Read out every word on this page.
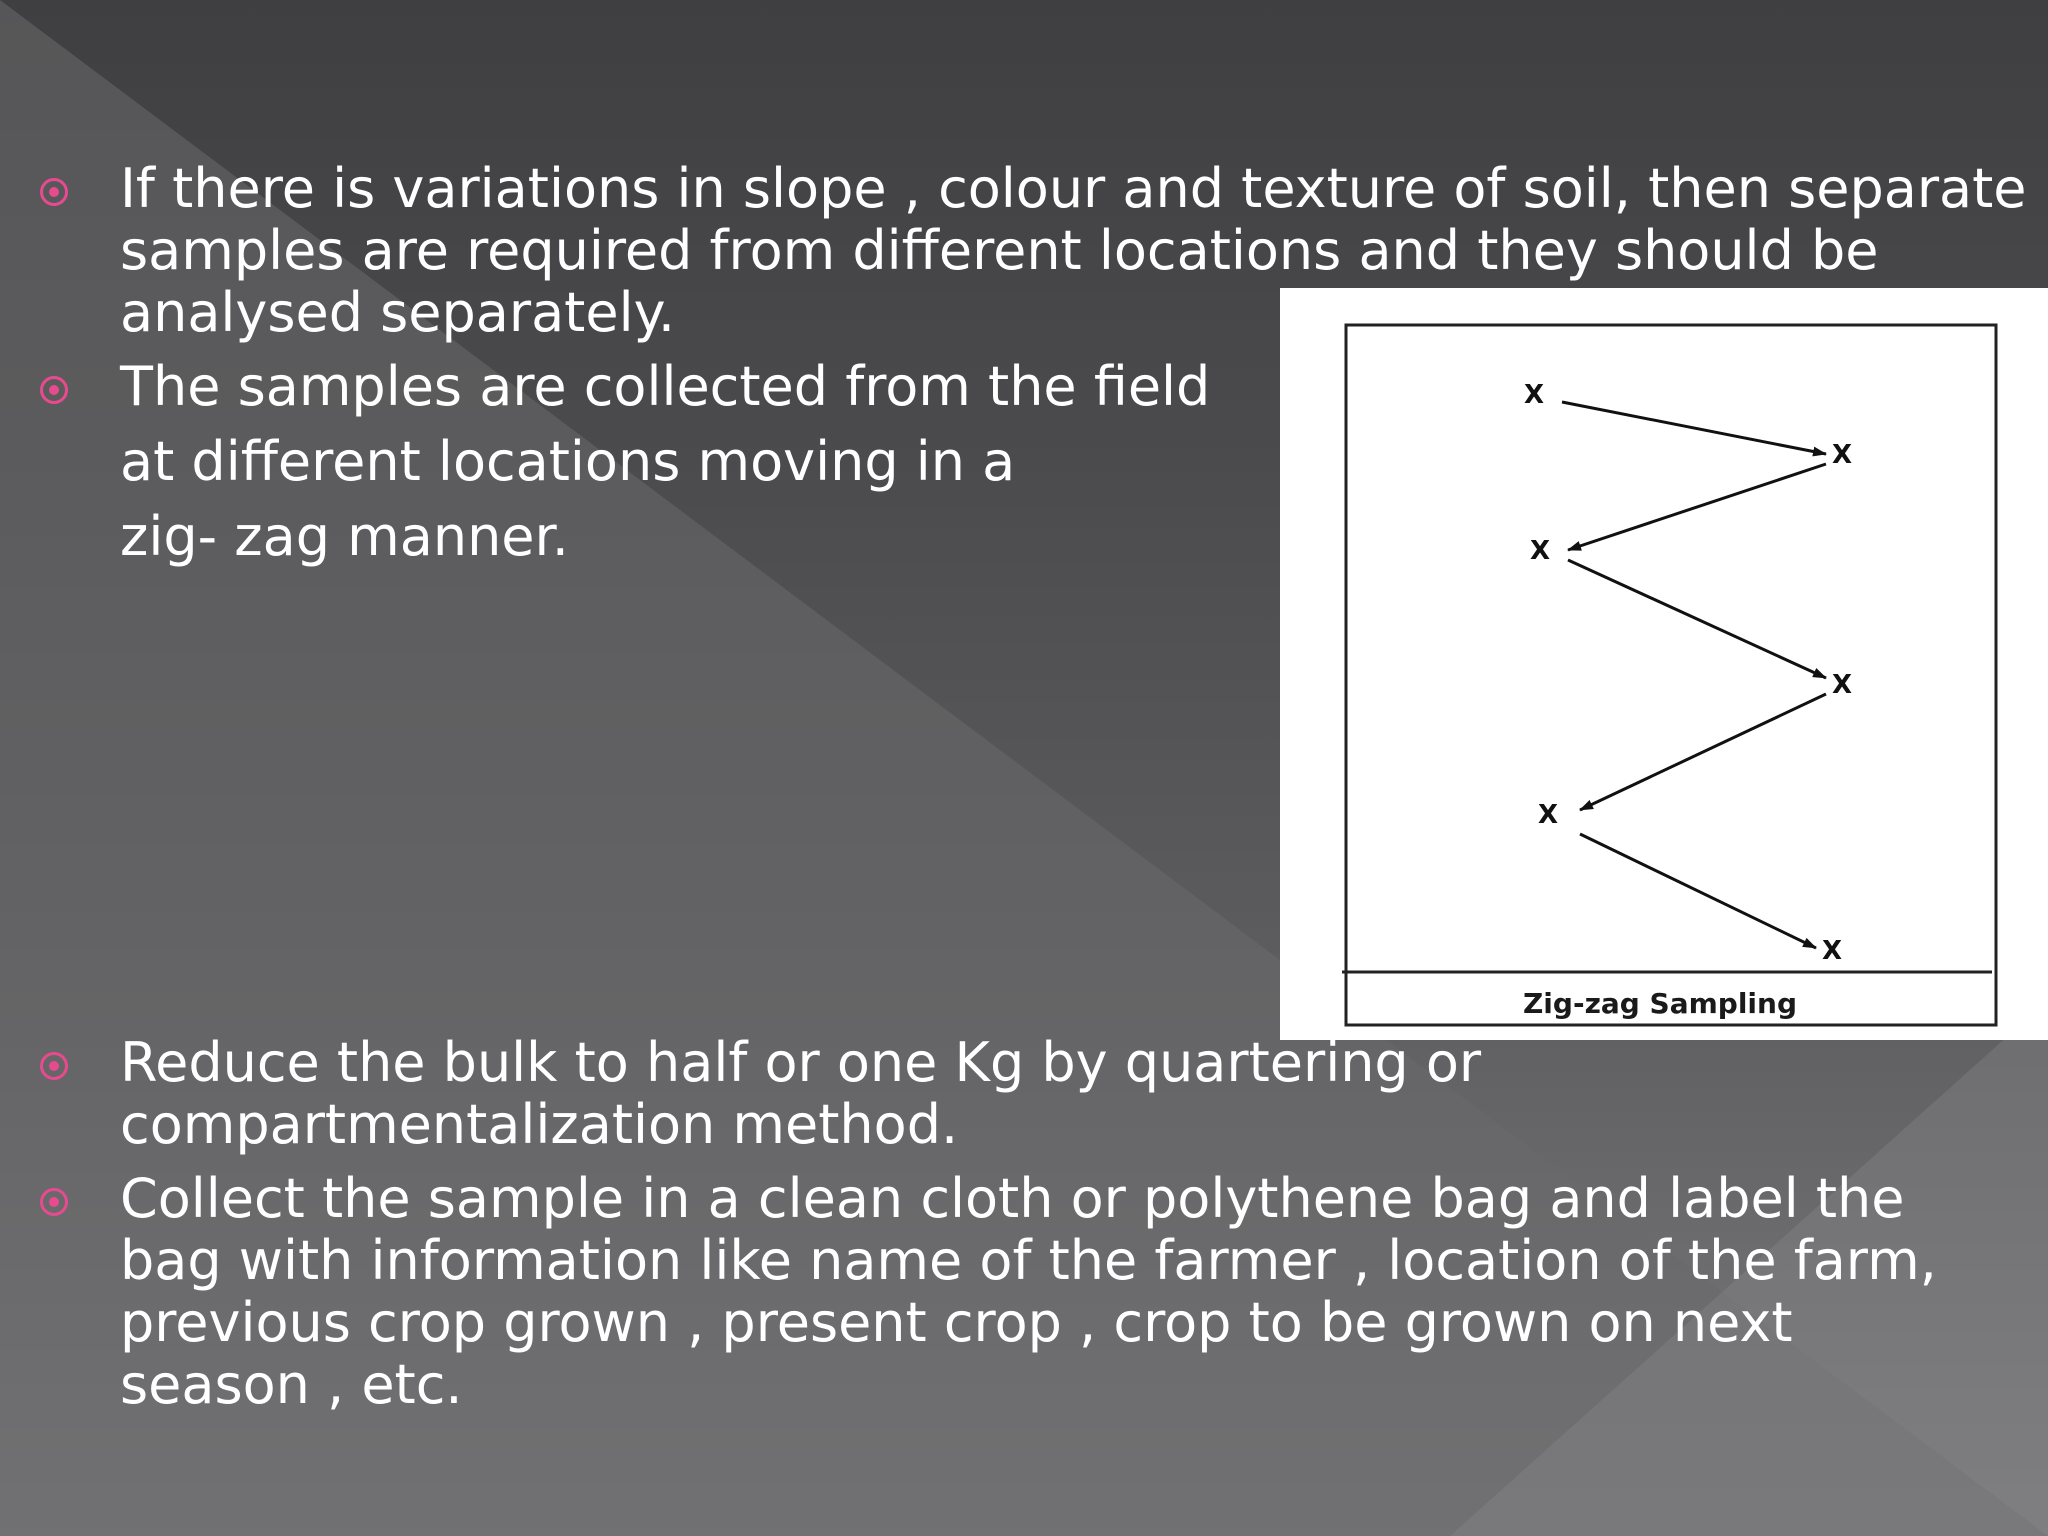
If there is variations in slope , colour and texture of soil, then separate
samples are required from different locations and they should be
analysed separately.
The samples are collected from the field
at different locations moving in a
zig- zag manner.
X
X
X
X
X
X
Zig-zag Sampling
Reduce the bulk to half or one Kg by quartering or
compartmentalization method.
Collect the sample in a clean cloth or polythene bag and label the
bag with information like name of the farmer , location of the farm,
previous crop grown , present crop , crop to be grown on next
season , etc.
